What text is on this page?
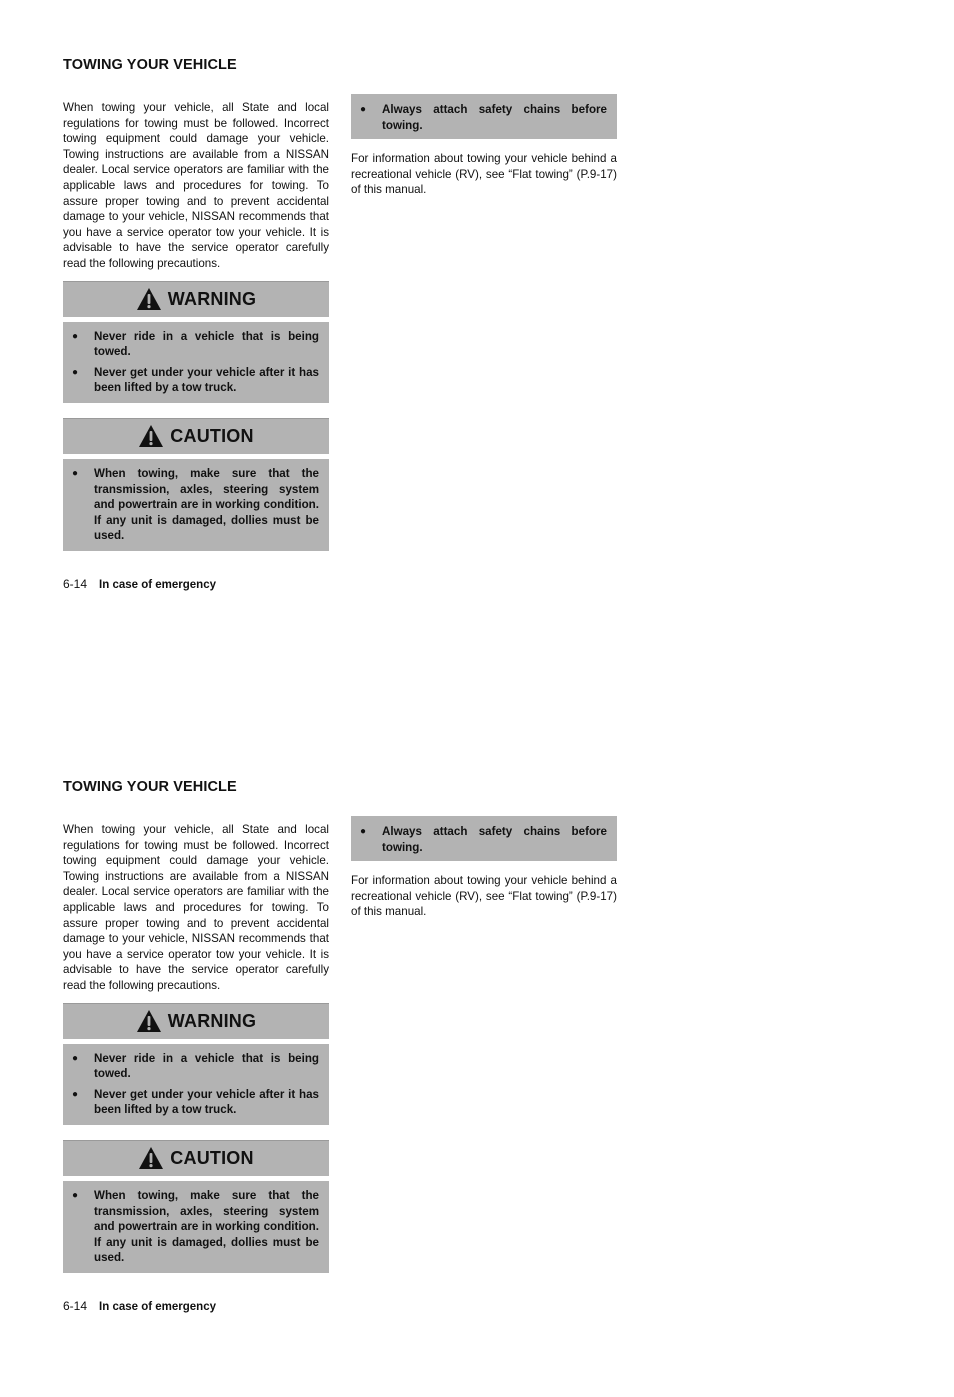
TOWING YOUR VEHICLE

When towing your vehicle, all State and local regulations for towing must be followed. Incorrect towing equipment could damage your vehicle. Towing instructions are available from a NISSAN dealer. Local service operators are familiar with the applicable laws and procedures for towing. To assure proper towing and to prevent accidental damage to your vehicle, NISSAN recommends that you have a service operator tow your vehicle. It is advisable to have the service operator carefully read the following precautions.

WARNING
●	Never ride in a vehicle that is being towed.
●	Never get under your vehicle after it has been lifted by a tow truck.
CAUTION
●	When towing, make sure that the transmission, axles, steering system and powertrain are in working condition. If any unit is damaged, dollies must be used.
●	Always attach safety chains before towing.

For information about towing your vehicle behind a recreational vehicle (RV), see “Flat towing” (P.9-17) of this manual.

6-14 In case of emergency
TOWING YOUR VEHICLE

When towing your vehicle, all State and local regulations for towing must be followed. Incorrect towing equipment could damage your vehicle. Towing instructions are available from a NISSAN dealer. Local service operators are familiar with the applicable laws and procedures for towing. To assure proper towing and to prevent accidental damage to your vehicle, NISSAN recommends that you have a service operator tow your vehicle. It is advisable to have the service operator carefully read the following precautions.

WARNING
●	Never ride in a vehicle that is being towed.
●	Never get under your vehicle after it has been lifted by a tow truck.
CAUTION
●	When towing, make sure that the transmission, axles, steering system and powertrain are in working condition. If any unit is damaged, dollies must be used.
●	Always attach safety chains before towing.

For information about towing your vehicle behind a recreational vehicle (RV), see “Flat towing” (P.9-17) of this manual.

6-14 In case of emergency
